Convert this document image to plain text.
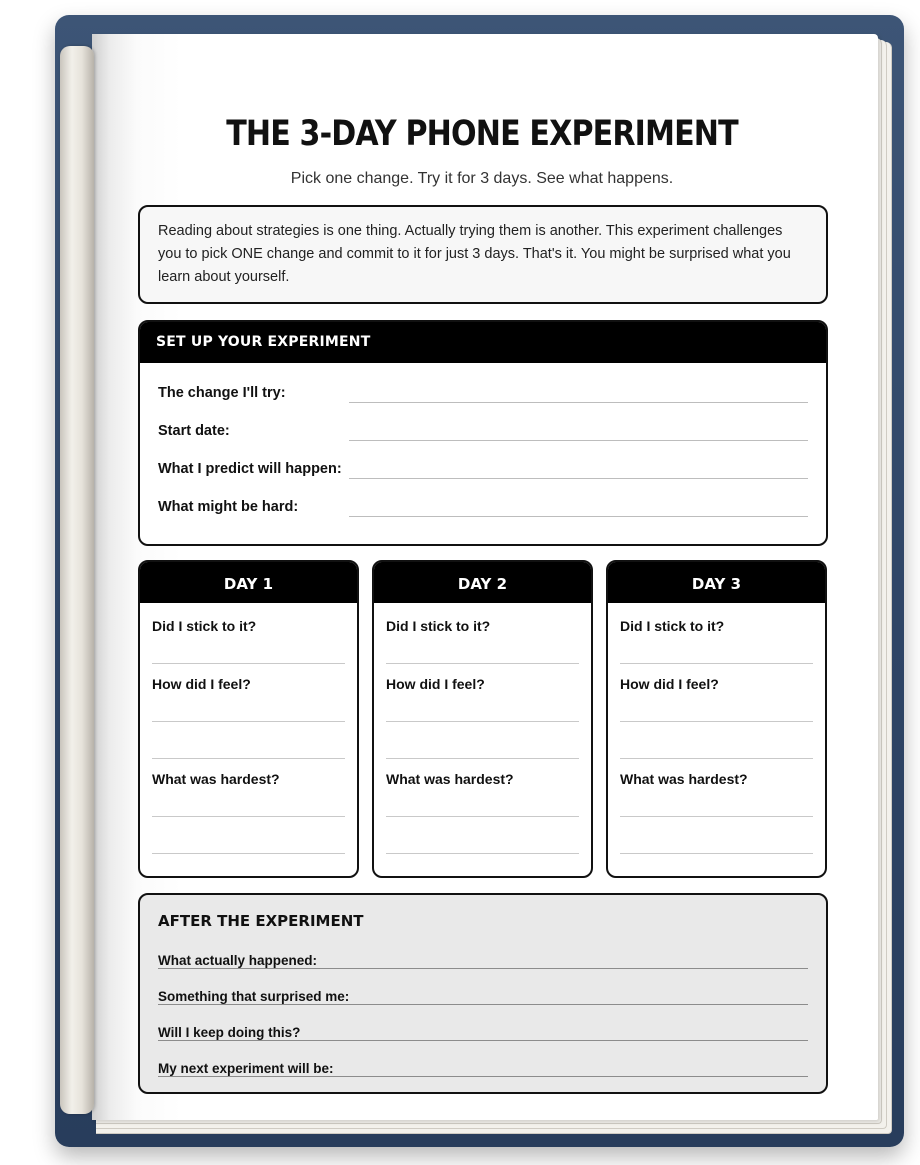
THE 3-DAY PHONE EXPERIMENT
Pick one change. Try it for 3 days. See what happens.
Reading about strategies is one thing. Actually trying them is another. This experiment challenges you to pick ONE change and commit to it for just 3 days. That's it. You might be surprised what you learn about yourself.
SET UP YOUR EXPERIMENT
The change I'll try:
Start date:
What I predict will happen:
What might be hard:
DAY 1
Did I stick to it?
How did I feel?
What was hardest?
DAY 2
Did I stick to it?
How did I feel?
What was hardest?
DAY 3
Did I stick to it?
How did I feel?
What was hardest?
AFTER THE EXPERIMENT
What actually happened:
Something that surprised me:
Will I keep doing this?
My next experiment will be:
